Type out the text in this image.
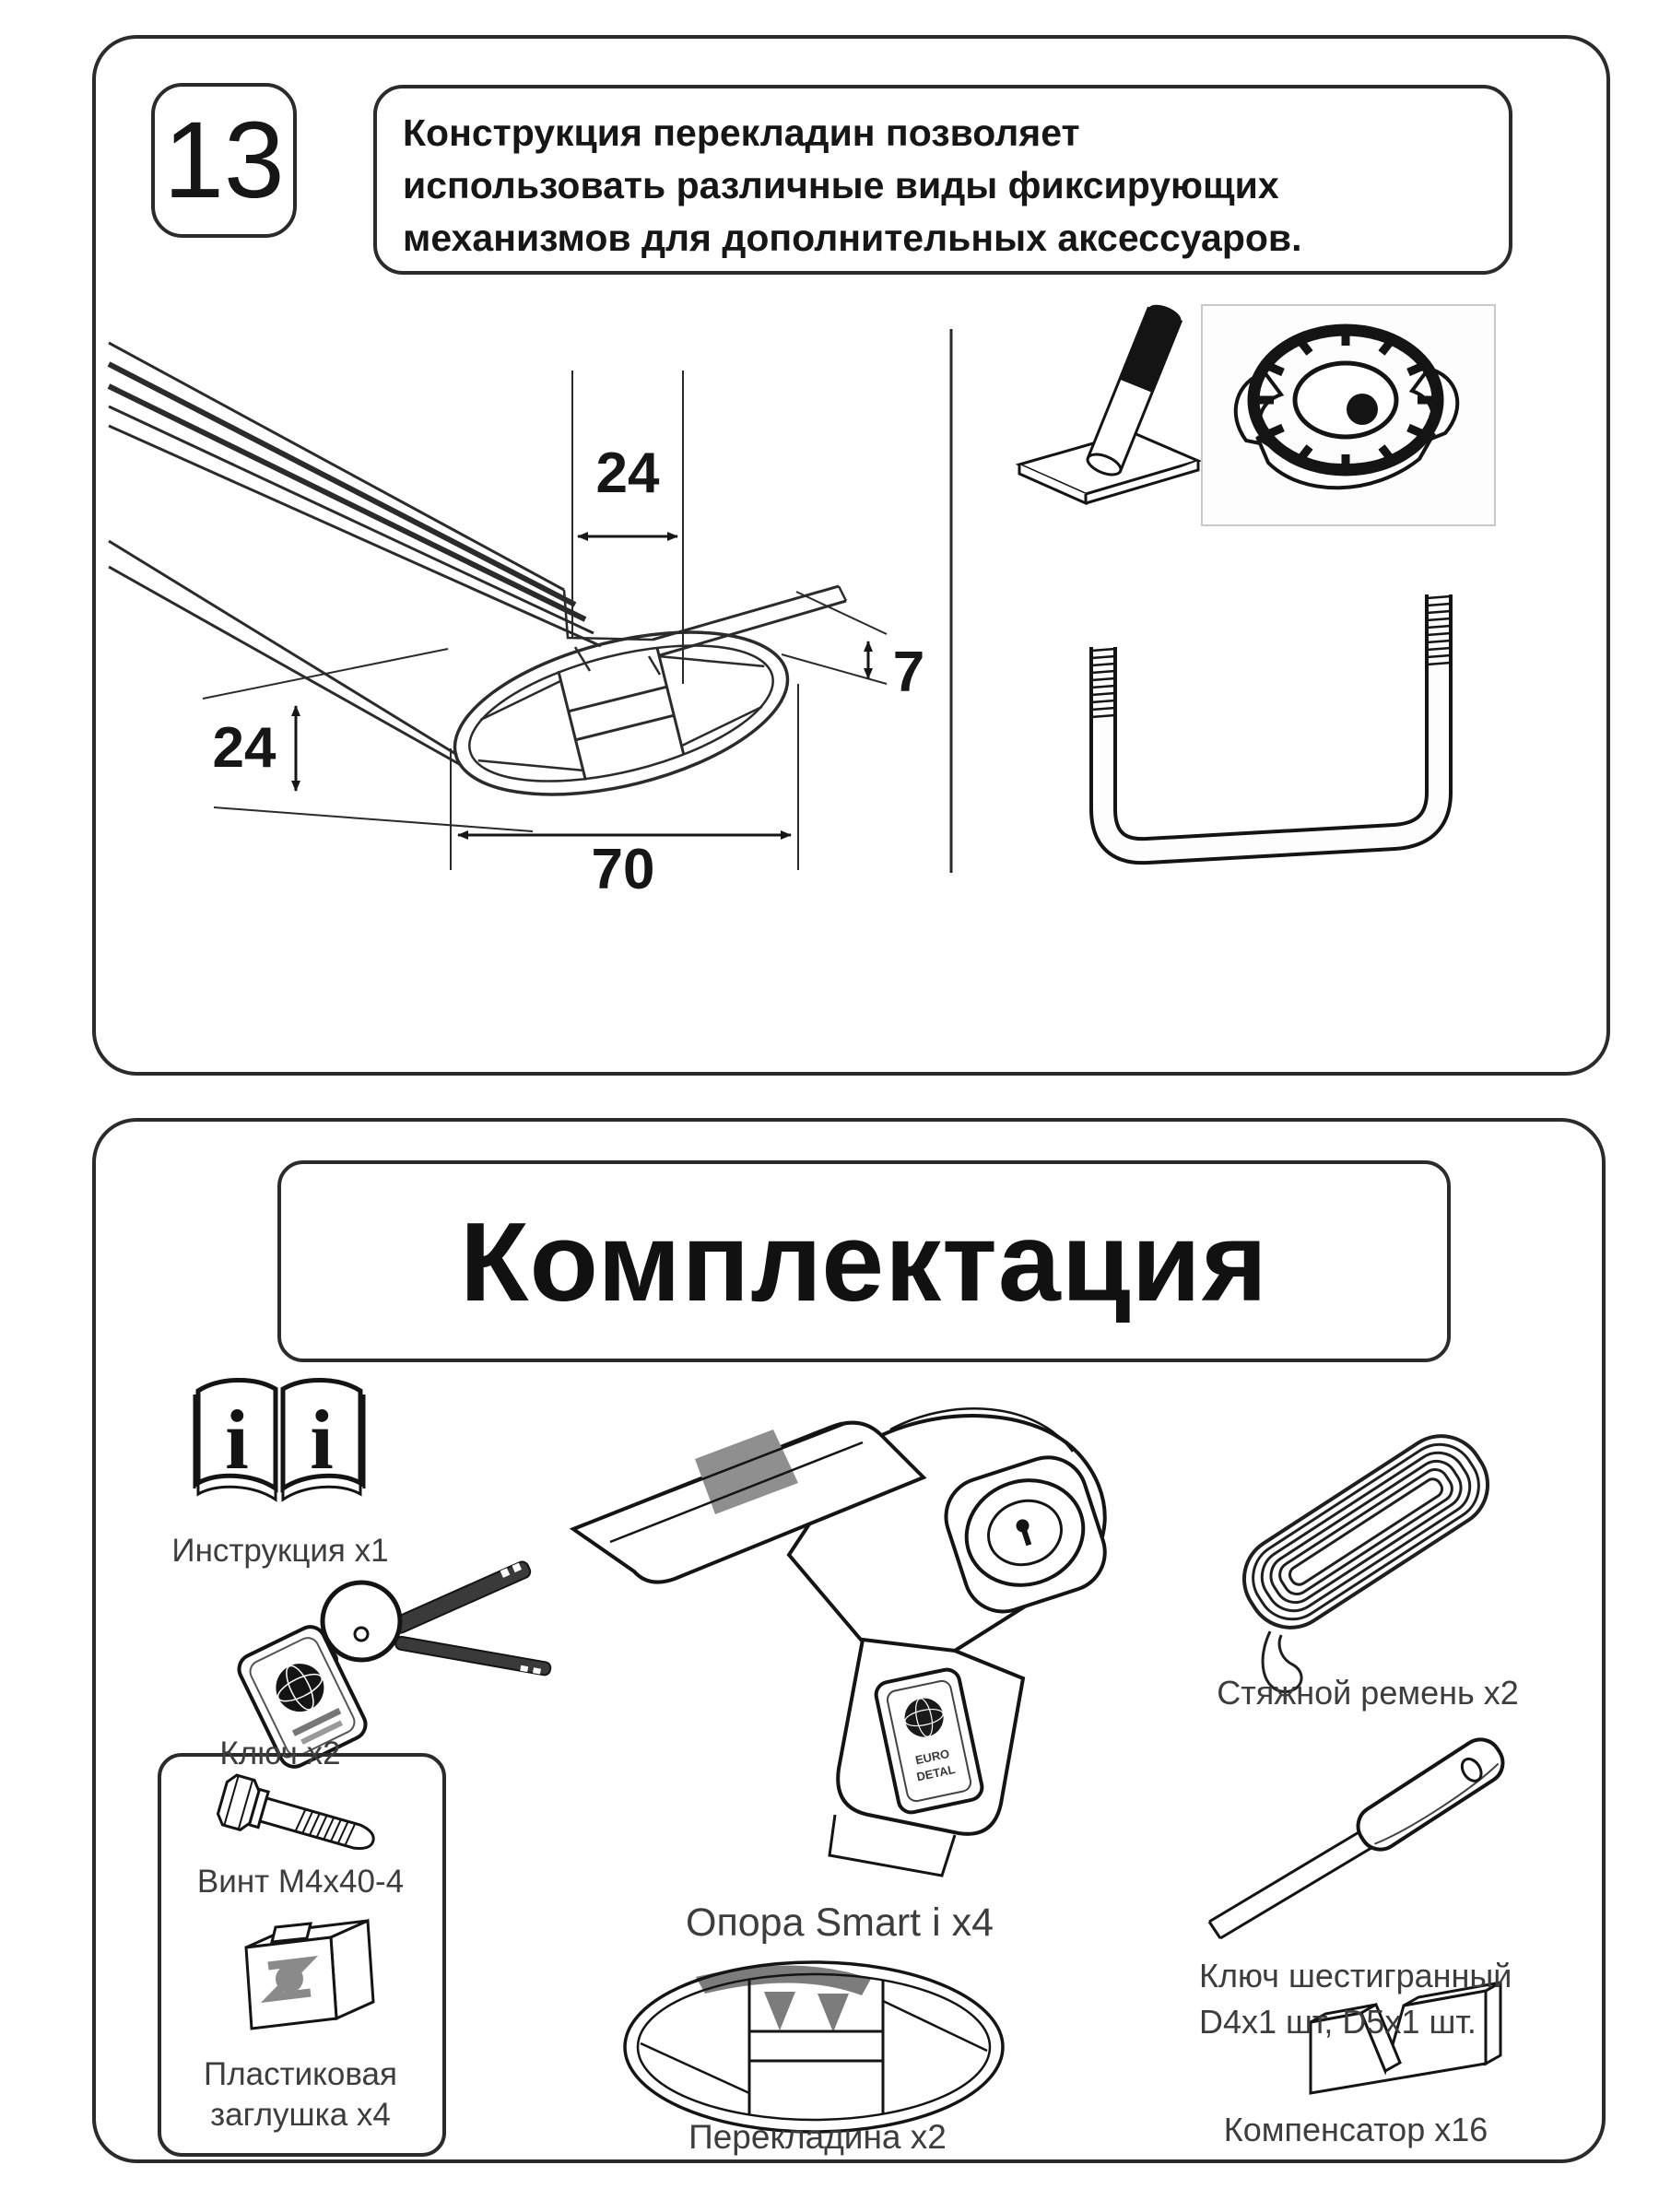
24
7
24
70
13	Конструкция перекладин позволяет
использовать различные виды фиксирующих
механизмов для дополнительных аксессуаров.
i i
EURO
DETAL
Комплектация
Инструкция x1
Ключ x2
Винт М4х40-4
Пластиковая
заглушка x4
Опора Smart i x4
Перекладина x2
Стяжной ремень x2
Ключ шестигранный
D4x1 шт, D5x1 шт.
Компенсатор x16
